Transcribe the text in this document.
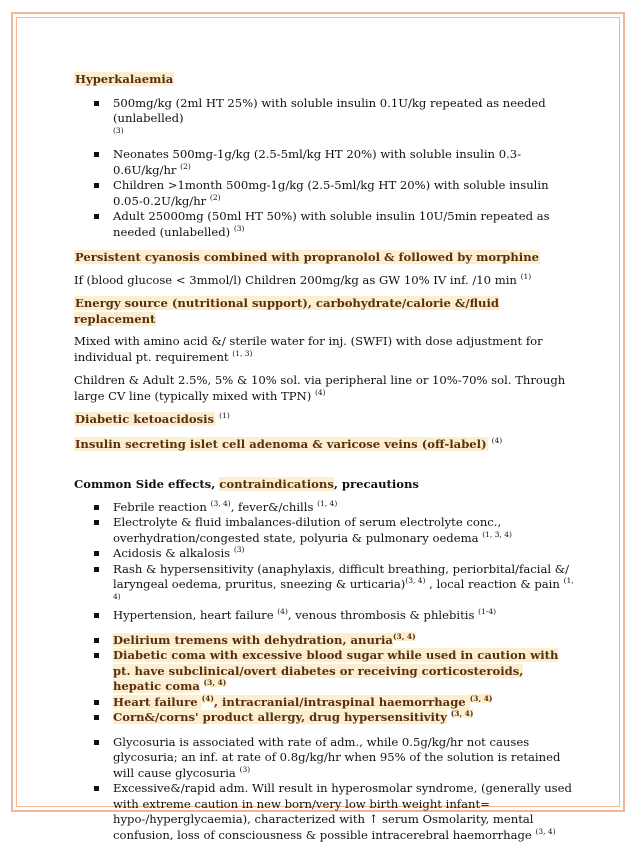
Hyperkalaemia

500mg/kg (2ml HT 25%) with soluble insulin 0.1U/kg repeated as needed (unlabelled)
$^{(3)}$
Neonates 500mg-1g/kg (2.5-5ml/kg HT 20%) with soluble insulin 0.3-0.6U/kg/hr $^{(2)}$
Children >1month 500mg-1g/kg (2.5-5ml/kg HT 20%) with soluble insulin 0.05-0.2U/kg/hr $^{(2)}$
Adult 25000mg (50ml HT 50%) with soluble insulin 10U/5min repeated as needed (unlabelled) $^{(3)}$

Persistent cyanosis combined with propranolol & followed by morphine

If (blood glucose < 3mmol/l) Children 200mg/kg as GW 10% IV inf. /10 min $^{(1)}$

Energy source (nutritional support), carbohydrate/calorie &/fluid replacement

Mixed with amino acid &/ sterile water for inj. (SWFI) with dose adjustment for individual pt. requirement $^{(1, 3)}$

Children & Adult 2.5%, 5% & 10% sol. via peripheral line or 10%-70% sol. Through large CV line (typically mixed with TPN) $^{(4)}$

Diabetic ketoacidosis $^{(1)}$

Insulin secreting islet cell adenoma & varicose veins (off-label) $^{(4)}$

Common Side effects, contraindications, precautions

Febrile reaction $^{(3, 4)}$, fever&/chills $^{(1, 4)}$
Electrolyte & fluid imbalances-dilution of serum electrolyte conc., overhydration/congested state, polyuria & pulmonary oedema $^{(1, 3, 4)}$
Acidosis & alkalosis $^{(3)}$
Rash & hypersensitivity (anaphylaxis, difficult breathing, periorbital/facial &/ laryngeal oedema, pruritus, sneezing & urticaria)$^{(3, 4)}$ , local reaction & pain $^{(1, 4)}$
Hypertension, heart failure $^{(4)}$, venous thrombosis & phlebitis $^{(1-4)}$
Delirium tremens with dehydration, anuria$^{(3, 4)}$
Diabetic coma with excessive blood sugar while used in caution with pt. have subclinical/overt diabetes or receiving corticosteroids, hepatic coma $^{(3, 4)}$
Heart failure $^{(4)}$, intracranial/intraspinal haemorrhage $^{(3, 4)}$
Corn&/corns' product allergy, drug hypersensitivity $^{(3, 4)}$
Glycosuria is associated with rate of adm., while 0.5g/kg/hr not causes glycosuria; an inf. at rate of 0.8g/kg/hr when 95% of the solution is retained will cause glycosuria $^{(3)}$
Excessive&/rapid adm. Will result in hyperosmolar syndrome, (generally used with extreme caution in new born/very low birth weight infant= hypo-/hyperglycaemia), characterized with ↑ serum Osmolarity, mental confusion, loss of consciousness & possible intracerebral haemorrhage $^{(3, 4)}$
